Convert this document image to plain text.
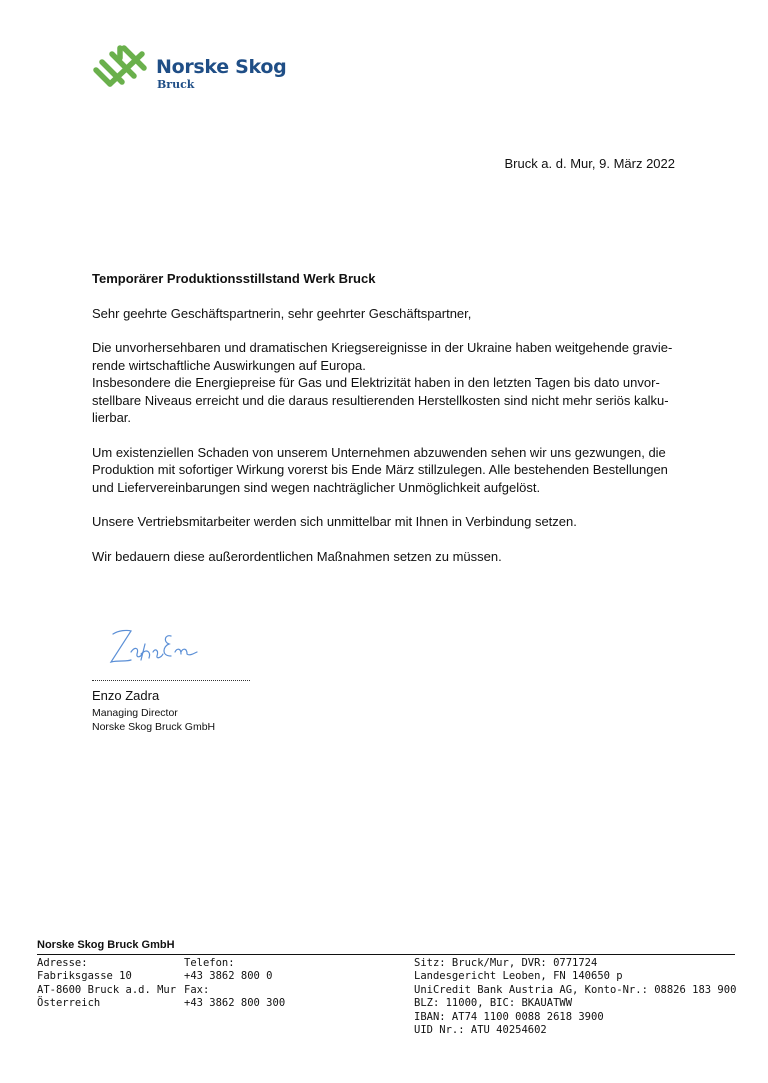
Norske Skog
Bruck
Bruck a. d. Mur, 9. März 2022

Temporärer Produktionsstillstand Werk Bruck

Sehr geehrte Geschäftspartnerin, sehr geehrter Geschäftspartner,

Die unvorhersehbaren und dramatischen Kriegsereignisse in der Ukraine haben weitgehende gravie-
rende wirtschaftliche Auswirkungen auf Europa.
Insbesondere die Energiepreise für Gas und Elektrizität haben in den letzten Tagen bis dato unvor-
stellbare Niveaus erreicht und die daraus resultierenden Herstellkosten sind nicht mehr seriös kalku-
lierbar.

Um existenziellen Schaden von unserem Unternehmen abzuwenden sehen wir uns gezwungen, die
Produktion mit sofortiger Wirkung vorerst bis Ende März stillzulegen. Alle bestehenden Bestellungen
und Liefervereinbarungen sind wegen nachträglicher Unmöglichkeit aufgelöst.

Unsere Vertriebsmitarbeiter werden sich unmittelbar mit Ihnen in Verbindung setzen.

Wir bedauern diese außerordentlichen Maßnahmen setzen zu müssen.

Enzo Zadra
Managing Director
Norske Skog Bruck GmbH
Norske Skog Bruck GmbH
Adresse:
Fabriksgasse 10
AT-8600 Bruck a.d. Mur
Österreich
Telefon:
+43 3862 800 0
Fax:
+43 3862 800 300
Sitz: Bruck/Mur, DVR: 0771724
Landesgericht Leoben, FN 140650 p
UniCredit Bank Austria AG, Konto-Nr.: 08826 183 900
BLZ: 11000, BIC: BKAUATWW
IBAN: AT74 1100 0088 2618 3900
UID Nr.: ATU 40254602
